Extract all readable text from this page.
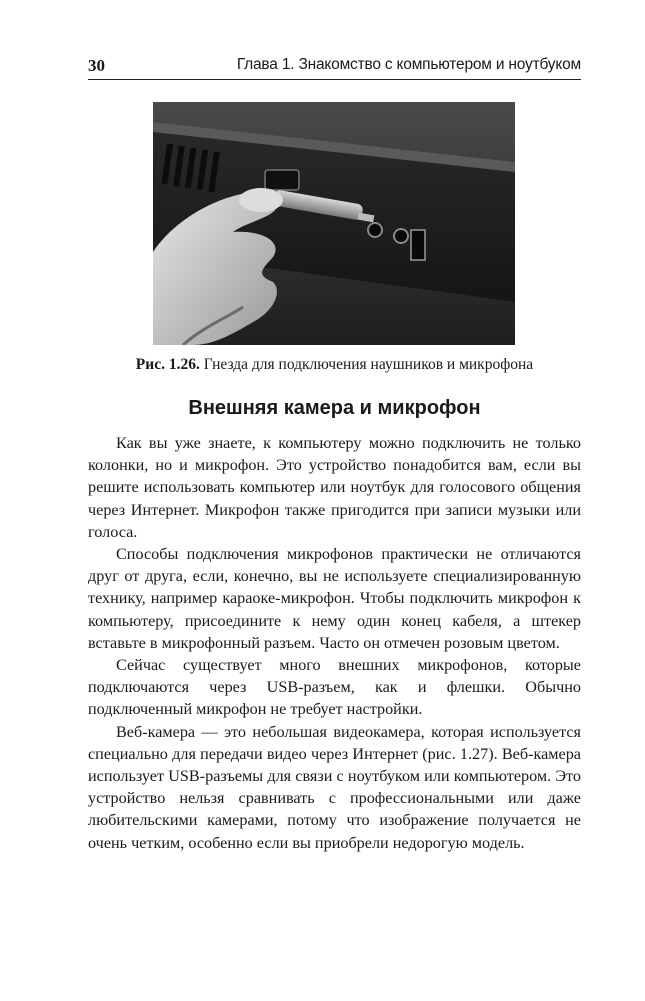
30	Глава 1. Знакомство с компьютером и ноутбуком
Рис. 1.26. Гнезда для подключения наушников и микрофона
Внешняя камера и микрофон

Как вы уже знаете, к компьютеру можно подключить не только колонки, но и микрофон. Это устройство понадобится вам, если вы решите использовать компьютер или ноутбук для голосового общения через Интернет. Микрофон также пригодится при записи музыки или голоса.

Способы подключения микрофонов практически не отличаются друг от друга, если, конечно, вы не используете специализированную технику, например караоке-микрофон. Чтобы подключить микрофон к компьютеру, присоедините к нему один конец кабеля, а штекер вставьте в микрофонный разъем. Часто он отмечен розовым цветом.

Сейчас существует много внешних микрофонов, которые подключаются через USB-разъем, как и флешки. Обычно подключенный микрофон не требует настройки.

Веб-камера — это небольшая видеокамера, которая используется специально для передачи видео через Интернет (рис. 1.27). Веб-камера использует USB-разъемы для связи с ноутбуком или компьютером. Это устройство нельзя сравнивать с профессиональными или даже любительскими камерами, потому что изображение получается не очень четким, особенно если вы приобрели недорогую модель.
